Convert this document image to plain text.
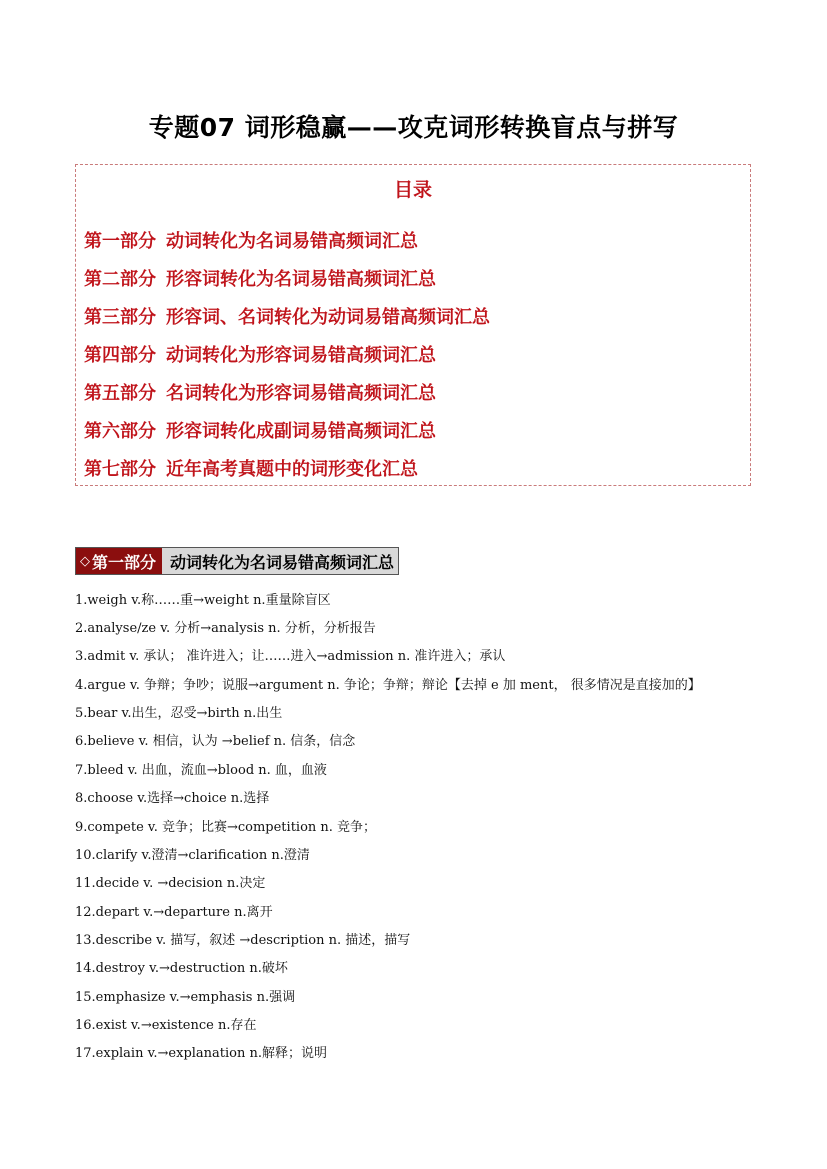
专题07 词形稳赢——攻克词形转换盲点与拼写
目录
第一部分 动词转化为名词易错高频词汇总
第二部分 形容词转化为名词易错高频词汇总
第三部分 形容词、名词转化为动词易错高频词汇总
第四部分 动词转化为形容词易错高频词汇总
第五部分 名词转化为形容词易错高频词汇总
第六部分 形容词转化成副词易错高频词汇总
第七部分 近年高考真题中的词形变化汇总
◇ 第一部分 动词转化为名词易错高频词汇总
1.weigh v.称……重→weight n.重量除盲区
2.analyse/ze v. 分析→analysis n. 分析，分析报告
3.admit v. 承认； 准许进入；让……进入→admission n. 准许进入；承认
4.argue v. 争辩；争吵；说服→argument n. 争论；争辩；辩论【去掉 e 加 ment， 很多情况是直接加的】
5.bear v.出生，忍受→birth n.出生
6.believe v. 相信，认为 →belief n. 信条，信念
7.bleed v. 出血，流血→blood n. 血，血液
8.choose v.选择→choice n.选择
9.compete v. 竞争；比赛→competition n. 竞争；
10.clarify v.澄清→clarification n.澄清
11.decide v. →decision n.决定
12.depart v.→departure n.离开
13.describe v. 描写，叙述 →description n. 描述，描写
14.destroy v.→destruction n.破坏
15.emphasize v.→emphasis n.强调
16.exist v.→existence n.存在
17.explain v.→explanation n.解释；说明
